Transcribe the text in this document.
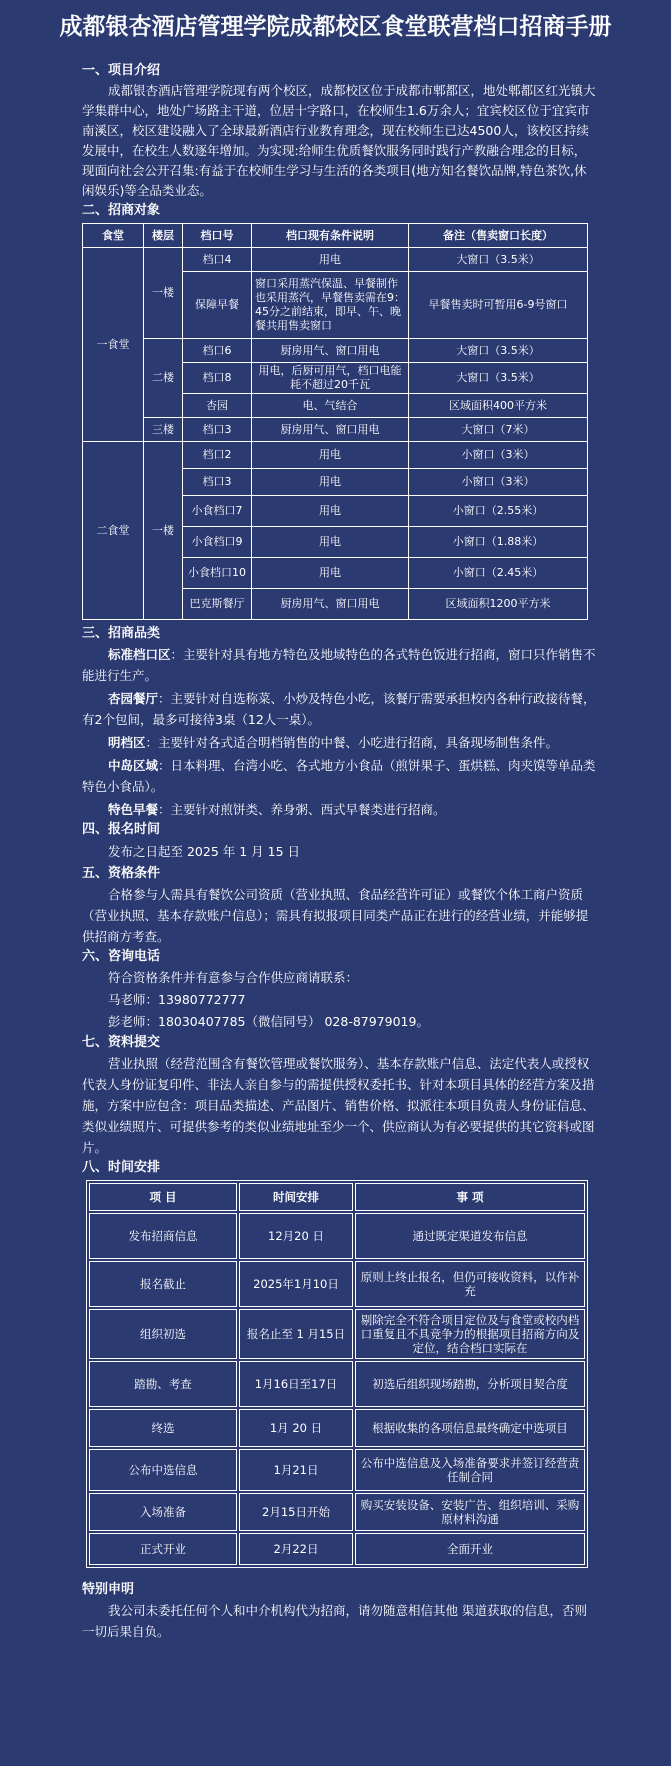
成都银杏酒店管理学院成都校区食堂联营档口招商手册
一、项目介绍
成都银杏酒店管理学院现有两个校区，成都校区位于成都市郫都区，地处郫都区红光镇大学集群中心，地处广场路主干道，位居十字路口，在校师生1.6万余人；宜宾校区位于宜宾市南溪区，校区建设融入了全球最新酒店行业教育理念，现在校师生已达4500人，该校区持续发展中，在校生人数逐年增加。为实现:给师生优质餐饮服务同时践行产教融合理念的目标，现面向社会公开召集:有益于在校师生学习与生活的各类项目(地方知名餐饮品牌,特色茶饮,休闲娱乐)等全品类业态。
二、招商对象
食堂	楼层	档口号	档口现有条件说明	备注（售卖窗口长度）
一食堂	一楼	档口4	用电	大窗口（3.5米）
		保障早餐	窗口采用蒸汽保温、早餐制作也采用蒸汽，早餐售卖需在9：45分之前结束，即早、午、晚餐共用售卖窗口	早餐售卖时可暂用6-9号窗口
	二楼	档口6	厨房用气、窗口用电	大窗口（3.5米）
		档口8	用电，后厨可用气，档口电能耗不超过20千瓦	大窗口（3.5米）
		杏园	电、气结合	区域面积400平方米
	三楼	档口3	厨房用气、窗口用电	大窗口（7米）
二食堂	一楼	档口2	用电	小窗口（3米）
		档口3	用电	小窗口（3米）
		小食档口7	用电	小窗口（2.55米）
		小食档口9	用电	小窗口（1.88米）
		小食档口10	用电	小窗口（2.45米）
		巴克斯餐厅	厨房用气、窗口用电	区域面积1200平方米
三、招商品类
标准档口区：主要针对具有地方特色及地域特色的各式特色饭进行招商，窗口只作销售不能进行生产。
杏园餐厅：主要针对自选称菜、小炒及特色小吃，该餐厅需要承担校内各种行政接待餐，有2个包间，最多可接待3桌（12人一桌）。
明档区：主要针对各式适合明档销售的中餐、小吃进行招商，具备现场制售条件。
中岛区域：日本料理、台湾小吃、各式地方小食品（煎饼果子、蛋烘糕、肉夹馍等单品类特色小食品）。
特色早餐：主要针对煎饼类、养身粥、西式早餐类进行招商。
四、报名时间
发布之日起至 2025 年 1 月 15 日
五、资格条件
合格参与人需具有餐饮公司资质（营业执照、食品经营许可证）或餐饮个体工商户资质（营业执照、基本存款账户信息）；需具有拟报项目同类产品正在进行的经营业绩，并能够提供招商方考查。
六、咨询电话
符合资格条件并有意参与合作供应商请联系：
马老师：13980772777
彭老师：18030407785（微信同号） 028-87979019。
七、资料提交
营业执照（经营范围含有餐饮管理或餐饮服务）、基本存款账户信息、法定代表人或授权代表人身份证复印件、非法人亲自参与的需提供授权委托书、针对本项目具体的经营方案及措施，方案中应包含：项目品类描述、产品图片、销售价格、拟派往本项目负责人身份证信息、类似业绩照片、可提供参考的类似业绩地址至少一个、供应商认为有必要提供的其它资料或图片。
八、时间安排
项 目	时间安排	事 项
发布招商信息	12月20 日	通过既定渠道发布信息
报名截止	2025年1月10日	原则上终止报名，但仍可接收资料，以作补充
组织初选	报名止至 1 月15日	剔除完全不符合项目定位及与食堂或校内档口重复且不具竞争力的根据项目招商方向及定位，结合档口实际在
踏勘、考查	1月16日至17日	初选后组织现场踏勘，分析项目契合度
终选	1月 20 日	根据收集的各项信息最终确定中选项目
公布中选信息	1月21日	公布中选信息及入场准备要求并签订经营责任制合同
入场准备	2月15日开始	购买安装设备、安装广告、组织培训、采购原材料沟通
正式开业	2月22日	全面开业
特别申明
我公司未委托任何个人和中介机构代为招商，请勿随意相信其他 渠道获取的信息，否则一切后果自负。
